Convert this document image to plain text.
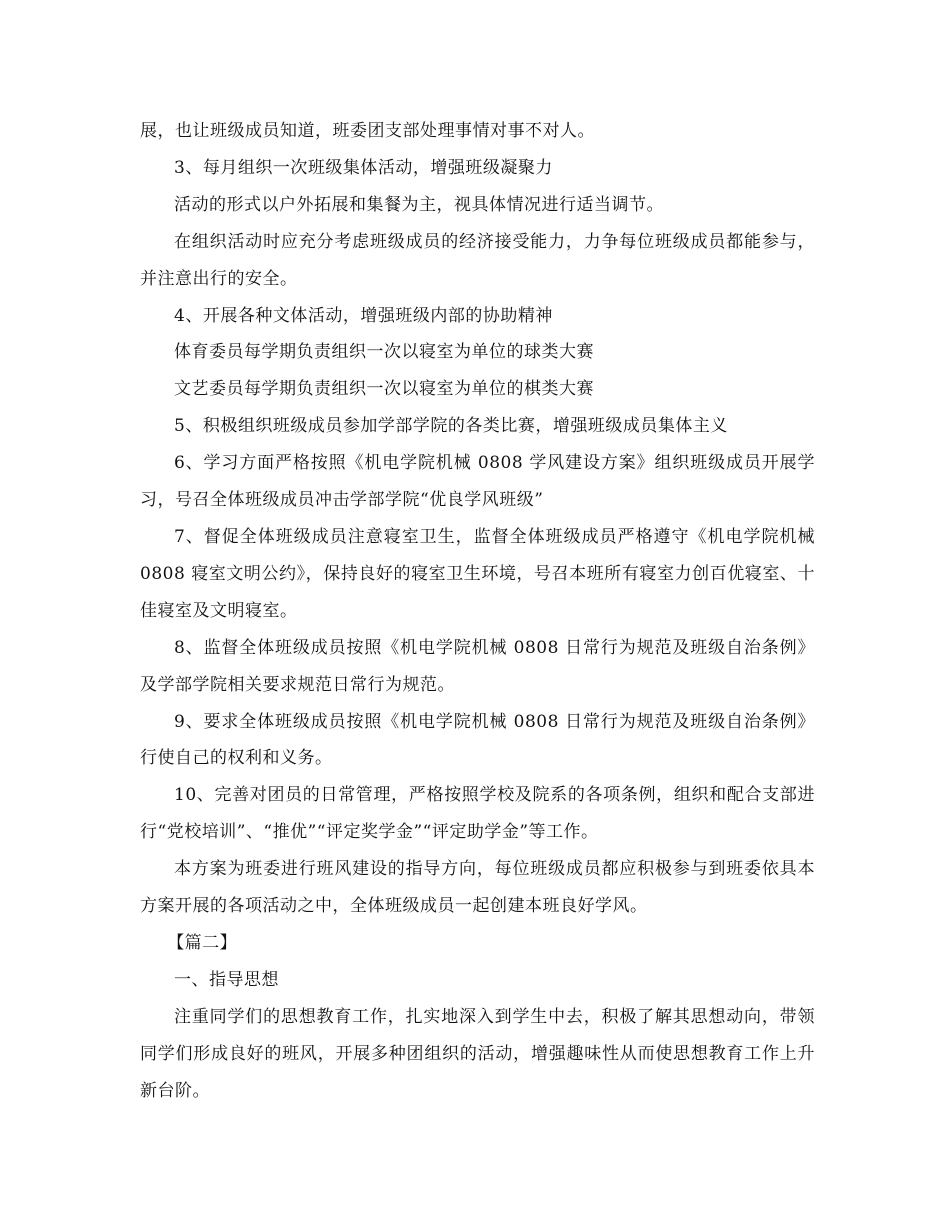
展，也让班级成员知道，班委团支部处理事情对事不对人。

3、每月组织一次班级集体活动，增强班级凝聚力

活动的形式以户外拓展和集餐为主，视具体情况进行适当调节。

在组织活动时应充分考虑班级成员的经济接受能力，力争每位班级成员都能参与，并注意出行的安全。

4、开展各种文体活动，增强班级内部的协助精神

体育委员每学期负责组织一次以寝室为单位的球类大赛

文艺委员每学期负责组织一次以寝室为单位的棋类大赛

5、积极组织班级成员参加学部学院的各类比赛，增强班级成员集体主义

6、学习方面严格按照《机电学院机械 0808 学风建设方案》组织班级成员开展学习，号召全体班级成员冲击学部学院“优良学风班级”

7、督促全体班级成员注意寝室卫生，监督全体班级成员严格遵守《机电学院机械 0808 寝室文明公约》，保持良好的寝室卫生环境，号召本班所有寝室力创百优寝室、十佳寝室及文明寝室。

8、监督全体班级成员按照《机电学院机械 0808 日常行为规范及班级自治条例》及学部学院相关要求规范日常行为规范。

9、要求全体班级成员按照《机电学院机械 0808 日常行为规范及班级自治条例》行使自己的权利和义务。

10、完善对团员的日常管理，严格按照学校及院系的各项条例，组织和配合支部进行“党校培训”、“推优”“评定奖学金”“评定助学金”等工作。

本方案为班委进行班风建设的指导方向，每位班级成员都应积极参与到班委依具本方案开展的各项活动之中，全体班级成员一起创建本班良好学风。

【篇二】

一、指导思想

注重同学们的思想教育工作，扎实地深入到学生中去，积极了解其思想动向，带领同学们形成良好的班风，开展多种团组织的活动，增强趣味性从而使思想教育工作上升新台阶。
